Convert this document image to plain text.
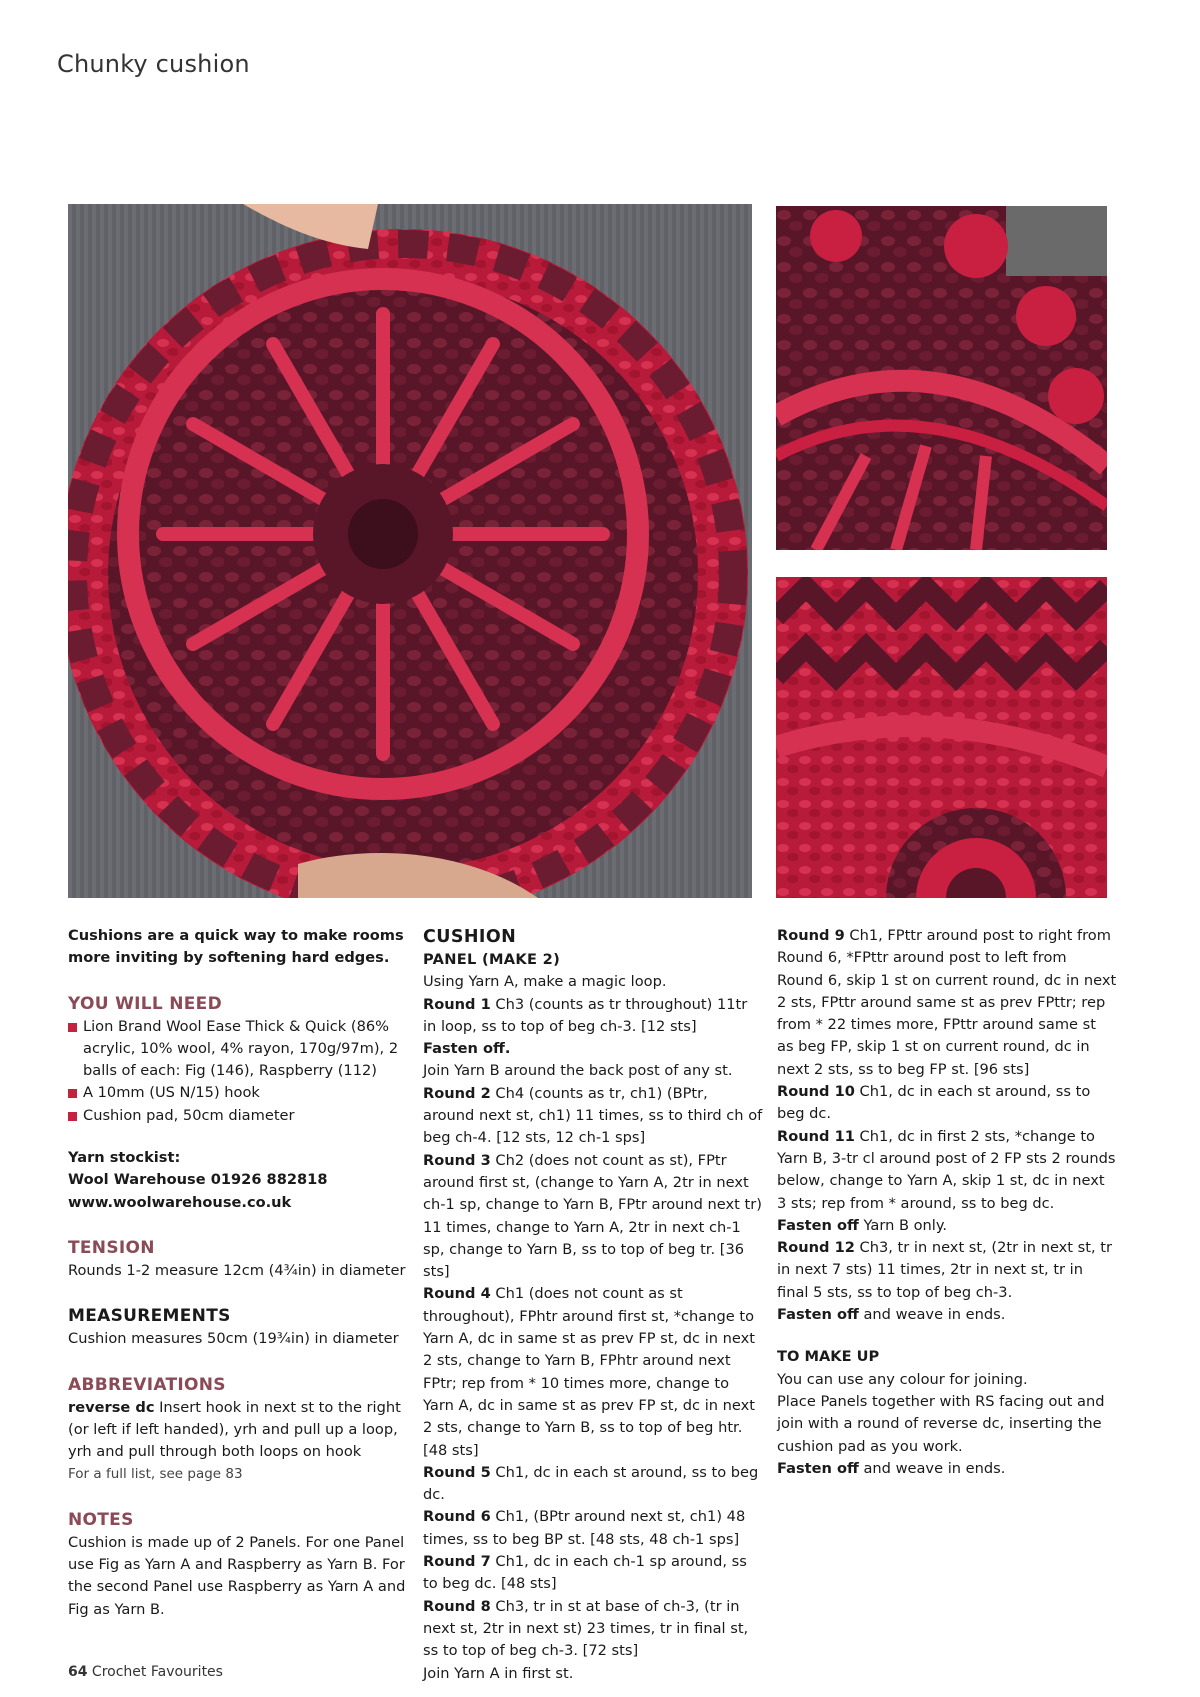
Chunky cushion

Cushions are a quick way to make rooms more inviting by softening hard edges.

YOU WILL NEED
Lion Brand Wool Ease Thick & Quick (86% acrylic, 10% wool, 4% rayon, 170g/97m), 2 balls of each: Fig (146), Raspberry (112)
A 10mm (US N/15) hook
Cushion pad, 50cm diameter
Yarn stockist:
Wool Warehouse 01926 882818
www.woolwarehouse.co.uk
TENSION

Rounds 1-2 measure 12cm (4¾in) in diameter

MEASUREMENTS

Cushion measures 50cm (19¾in) in diameter

ABBREVIATIONS

reverse dc Insert hook in next st to the right (or left if left handed), yrh and pull up a loop, yrh and pull through both loops on hook

For a full list, see page 83

NOTES

Cushion is made up of 2 Panels. For one Panel use Fig as Yarn A and Raspberry as Yarn B. For the second Panel use Raspberry as Yarn A and Fig as Yarn B.

CUSHION
PANEL (MAKE 2)

Using Yarn A, make a magic loop.

Round 1 Ch3 (counts as tr throughout) 11tr in loop, ss to top of beg ch-3. [12 sts]

Fasten off.

Join Yarn B around the back post of any st.

Round 2 Ch4 (counts as tr, ch1) (BPtr, around next st, ch1) 11 times, ss to third ch of beg ch-4. [12 sts, 12 ch-1 sps]

Round 3 Ch2 (does not count as st), FPtr around first st, (change to Yarn A, 2tr in next ch-1 sp, change to Yarn B, FPtr around next tr) 11 times, change to Yarn A, 2tr in next ch-1 sp, change to Yarn B, ss to top of beg tr. [36 sts]

Round 4 Ch1 (does not count as st throughout), FPhtr around first st, *change to Yarn A, dc in same st as prev FP st, dc in next 2 sts, change to Yarn B, FPhtr around next FPtr; rep from * 10 times more, change to Yarn A, dc in same st as prev FP st, dc in next 2 sts, change to Yarn B, ss to top of beg htr. [48 sts]

Round 5 Ch1, dc in each st around, ss to beg dc.

Round 6 Ch1, (BPtr around next st, ch1) 48 times, ss to beg BP st. [48 sts, 48 ch-1 sps]

Round 7 Ch1, dc in each ch-1 sp around, ss to beg dc. [48 sts]

Round 8 Ch3, tr in st at base of ch-3, (tr in next st, 2tr in next st) 23 times, tr in final st, ss to top of beg ch-3. [72 sts]

Join Yarn A in first st.

Round 9 Ch1, FPttr around post to right from Round 6, *FPttr around post to left from Round 6, skip 1 st on current round, dc in next 2 sts, FPttr around same st as prev FPttr; rep from * 22 times more, FPttr around same st as beg FP, skip 1 st on current round, dc in next 2 sts, ss to beg FP st. [96 sts]

Round 10 Ch1, dc in each st around, ss to beg dc.

Round 11 Ch1, dc in first 2 sts, *change to Yarn B, 3-tr cl around post of 2 FP sts 2 rounds below, change to Yarn A, skip 1 st, dc in next 3 sts; rep from * around, ss to beg dc.

Fasten off Yarn B only.

Round 12 Ch3, tr in next st, (2tr in next st, tr in next 7 sts) 11 times, 2tr in next st, tr in final 5 sts, ss to top of beg ch-3.

Fasten off and weave in ends.

TO MAKE UP

You can use any colour for joining.

Place Panels together with RS facing out and join with a round of reverse dc, inserting the cushion pad as you work.

Fasten off and weave in ends.

64 Crochet Favourites
